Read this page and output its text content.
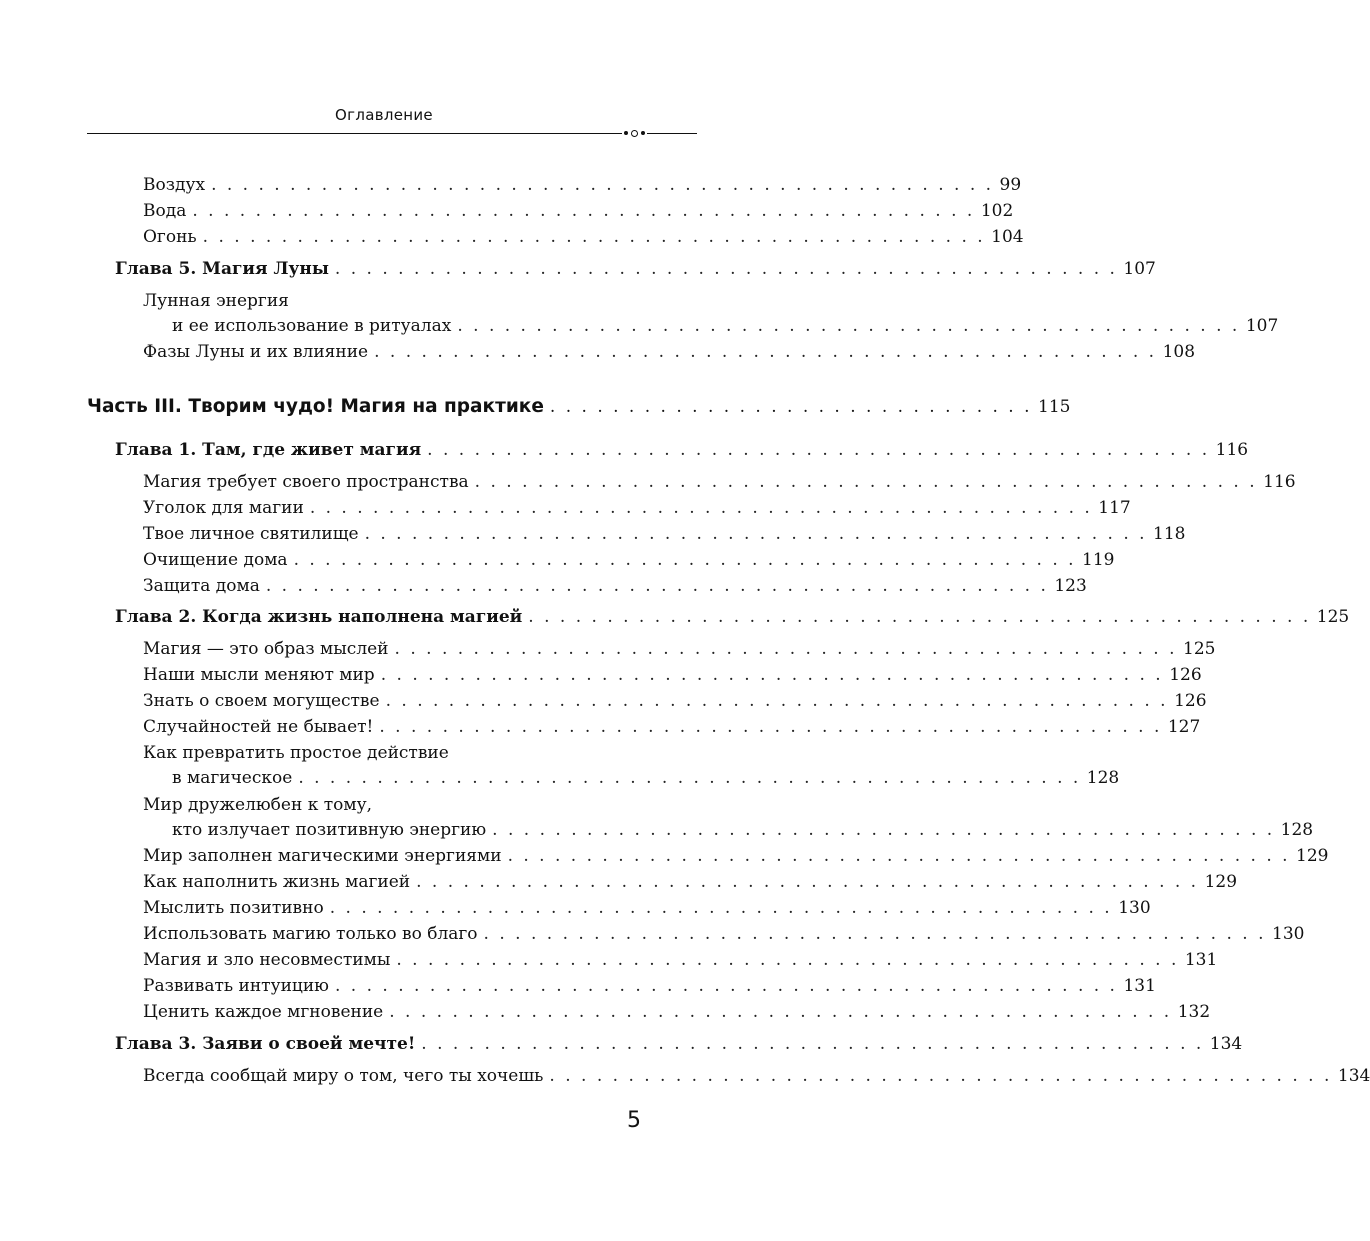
Оглавление
Воздух . . . . . . . . . . . . . . . . . . . . . . . . . . . . . . . . . . . . . . . . . . . . . . . . . . 99
Вода . . . . . . . . . . . . . . . . . . . . . . . . . . . . . . . . . . . . . . . . . . . . . . . . . . 102
Огонь . . . . . . . . . . . . . . . . . . . . . . . . . . . . . . . . . . . . . . . . . . . . . . . . . . 104
Глава 5. Магия Луны . . . . . . . . . . . . . . . . . . . . . . . . . . . . . . . . . . . . . . . . . . . . . . . . . . 107
Лунная энергия
и ее использование в ритуалах . . . . . . . . . . . . . . . . . . . . . . . . . . . . . . . . . . . . . . . . . . . . . . . . . . 107
Фазы Луны и их влияние . . . . . . . . . . . . . . . . . . . . . . . . . . . . . . . . . . . . . . . . . . . . . . . . . . 108
Часть III. Творим чудо! Магия на практике . . . . . . . . . . . . . . . . . . . . . . . . . . . . . . . 115
Глава 1. Там, где живет магия . . . . . . . . . . . . . . . . . . . . . . . . . . . . . . . . . . . . . . . . . . . . . . . . . . 116
Магия требует своего пространства . . . . . . . . . . . . . . . . . . . . . . . . . . . . . . . . . . . . . . . . . . . . . . . . . . 116
Уголок для магии . . . . . . . . . . . . . . . . . . . . . . . . . . . . . . . . . . . . . . . . . . . . . . . . . . 117
Твое личное святилище . . . . . . . . . . . . . . . . . . . . . . . . . . . . . . . . . . . . . . . . . . . . . . . . . . 118
Очищение дома . . . . . . . . . . . . . . . . . . . . . . . . . . . . . . . . . . . . . . . . . . . . . . . . . . 119
Защита дома . . . . . . . . . . . . . . . . . . . . . . . . . . . . . . . . . . . . . . . . . . . . . . . . . . 123
Глава 2. Когда жизнь наполнена магией . . . . . . . . . . . . . . . . . . . . . . . . . . . . . . . . . . . . . . . . . . . . . . . . . . 125
Магия — это образ мыслей . . . . . . . . . . . . . . . . . . . . . . . . . . . . . . . . . . . . . . . . . . . . . . . . . . 125
Наши мысли меняют мир . . . . . . . . . . . . . . . . . . . . . . . . . . . . . . . . . . . . . . . . . . . . . . . . . . 126
Знать о своем могуществе . . . . . . . . . . . . . . . . . . . . . . . . . . . . . . . . . . . . . . . . . . . . . . . . . . 126
Случайностей не бывает! . . . . . . . . . . . . . . . . . . . . . . . . . . . . . . . . . . . . . . . . . . . . . . . . . . 127
Как превратить простое действие
в магическое . . . . . . . . . . . . . . . . . . . . . . . . . . . . . . . . . . . . . . . . . . . . . . . . . . 128
Мир дружелюбен к тому,
кто излучает позитивную энергию . . . . . . . . . . . . . . . . . . . . . . . . . . . . . . . . . . . . . . . . . . . . . . . . . . 128
Мир заполнен магическими энергиями . . . . . . . . . . . . . . . . . . . . . . . . . . . . . . . . . . . . . . . . . . . . . . . . . . 129
Как наполнить жизнь магией . . . . . . . . . . . . . . . . . . . . . . . . . . . . . . . . . . . . . . . . . . . . . . . . . . 129
Мыслить позитивно . . . . . . . . . . . . . . . . . . . . . . . . . . . . . . . . . . . . . . . . . . . . . . . . . . 130
Использовать магию только во благо . . . . . . . . . . . . . . . . . . . . . . . . . . . . . . . . . . . . . . . . . . . . . . . . . . 130
Магия и зло несовместимы . . . . . . . . . . . . . . . . . . . . . . . . . . . . . . . . . . . . . . . . . . . . . . . . . . 131
Развивать интуицию . . . . . . . . . . . . . . . . . . . . . . . . . . . . . . . . . . . . . . . . . . . . . . . . . . 131
Ценить каждое мгновение . . . . . . . . . . . . . . . . . . . . . . . . . . . . . . . . . . . . . . . . . . . . . . . . . . 132
Глава 3. Заяви о своей мечте! . . . . . . . . . . . . . . . . . . . . . . . . . . . . . . . . . . . . . . . . . . . . . . . . . . 134
Всегда сообщай миру о том, чего ты хочешь . . . . . . . . . . . . . . . . . . . . . . . . . . . . . . . . . . . . . . . . . . . . . . . . . . 134
5
